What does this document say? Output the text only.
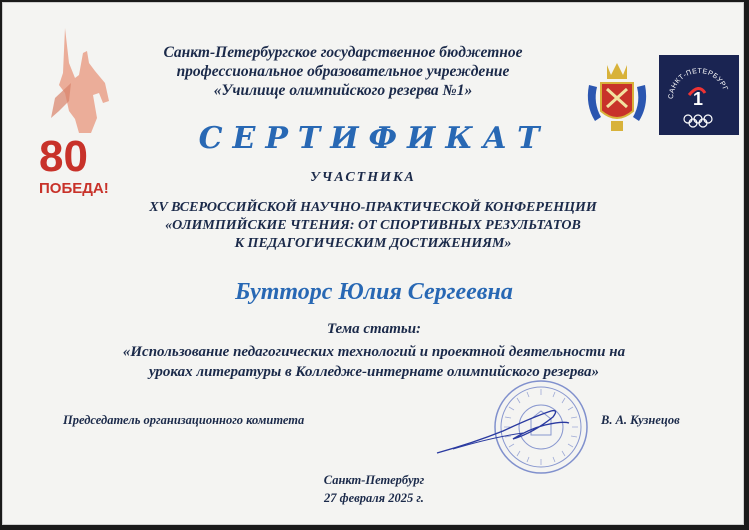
80
ПОБЕДА!
Санкт-Петербургское государственное бюджетное
профессиональное образовательное учреждение
«Училище олимпийского резерва №1»	САНКТ-ПЕТЕРБУРГ
1
СЕРТИФИКАТ
УЧАСТНИКА
XV ВСЕРОССИЙСКОЙ НАУЧНО-ПРАКТИЧЕСКОЙ КОНФЕРЕНЦИИ
«ОЛИМПИЙСКИЕ ЧТЕНИЯ: ОТ СПОРТИВНЫХ РЕЗУЛЬТАТОВ
К ПЕДАГОГИЧЕСКИМ ДОСТИЖЕНИЯМ»
Бутторс Юлия Сергеевна
Тема статьи:
«Использование педагогических технологий и проектной деятельности на
уроках литературы в Колледже-интернате олимпийского резерва»
Председатель организационного комитета	В. А. Кузнецов
Санкт-Петербург
27 февраля 2025 г.
